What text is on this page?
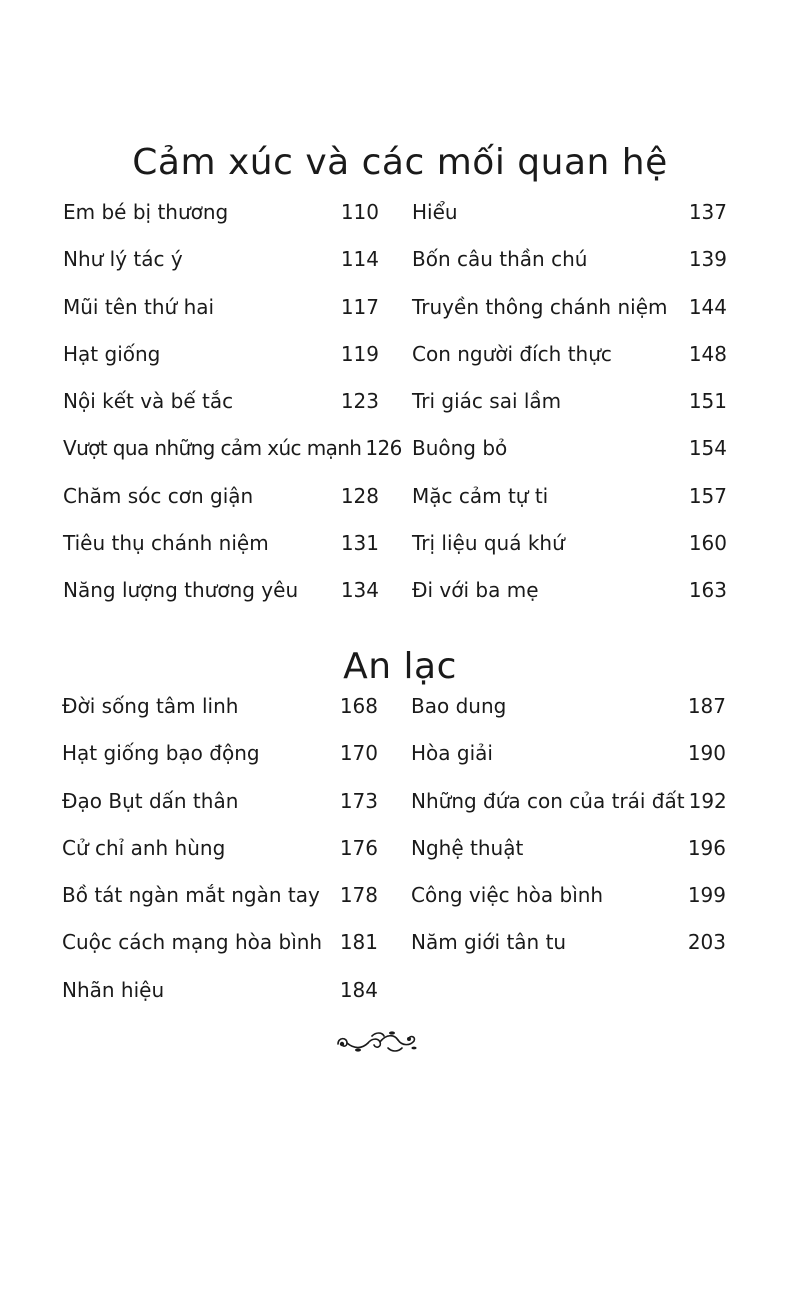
Cảm xúc và các mối quan hệ
Em bé bị thương	110
Như lý tác ý	114
Mũi tên thứ hai	117
Hạt giống	119
Nội kết và bế tắc	123
Vượt qua những cảm xúc mạnh 126
Chăm sóc cơn giận	128
Tiêu thụ chánh niệm	131
Năng lượng thương yêu 134
Hiểu	137
Bốn câu thần chú	139
Truyền thông chánh niệm 144
Con người đích thực	148
Tri giác sai lầm	151
Buông bỏ	154
Mặc cảm tự ti	157
Trị liệu quá khứ	160
Đi với ba mẹ	163
An lạc
Đời sống tâm linh	168
Hạt giống bạo động	170
Đạo Bụt dấn thân	173
Cử chỉ anh hùng	176
Bồ tát ngàn mắt ngàn tay 178
Cuộc cách mạng hòa bình 181
Nhãn hiệu	184
Bao dung	187
Hòa giải	190
Những đứa con của trái đất 192
Nghệ thuật	196
Công việc hòa bình	199
Năm giới tân tu	203
